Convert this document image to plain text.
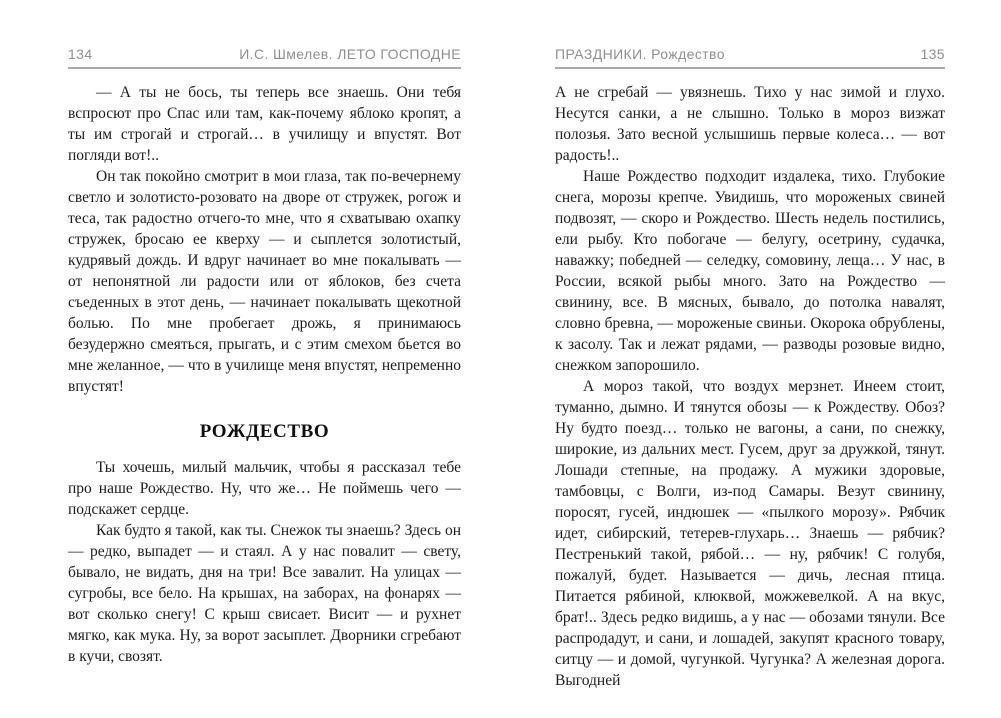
134	И.С. Шмелев. ЛЕТО ГОСПОДНЕ

— А ты не бось, ты теперь все знаешь. Они тебя вспросют про Спас или там, как-почему яблоко кропят, а ты им строгай и строгай… в училищу и впустят. Вот погляди вот!..

Он так покойно смотрит в мои глаза, так по-вечернему светло и золотисто-розовато на дворе от стружек, рогож и теса, так радостно отчего-то мне, что я схватываю охапку стружек, бросаю ее кверху — и сыплется золотистый, кудрявый дождь. И вдруг начинает во мне покалывать — от непонятной ли радости или от яблоков, без счета съеденных в этот день, — начинает покалывать щекотной болью. По мне пробегает дрожь, я принимаюсь безудержно смеяться, прыгать, и с этим смехом бьется во мне желанное, — что в училище меня впустят, непременно впустят!

РОЖДЕСТВО

Ты хочешь, милый мальчик, чтобы я рассказал тебе про наше Рождество. Ну, что же… Не поймешь чего — подскажет сердце.

Как будто я такой, как ты. Снежок ты знаешь? Здесь он — редко, выпадет — и стаял. А у нас повалит — свету, бывало, не видать, дня на три! Все завалит. На улицах — сугробы, все бело. На крышах, на заборах, на фонарях — вот сколько снегу! С крыш свисает. Висит — и рухнет мягко, как мука. Ну, за ворот засыплет. Дворники сгребают в кучи, свозят.

ПРАЗДНИКИ. Рождество	135

А не сгребай — увязнешь. Тихо у нас зимой и глухо. Несутся санки, а не слышно. Только в мороз визжат полозья. Зато весной услышишь первые колеса… — вот радость!..

Наше Рождество подходит издалека, тихо. Глубокие снега, морозы крепче. Увидишь, что мороженых свиней подвозят, — скоро и Рождество. Шесть недель постились, ели рыбу. Кто побогаче — белугу, осетрину, судачка, наважку; победней — селедку, сомовину, леща… У нас, в России, всякой рыбы много. Зато на Рождество — свинину, все. В мясных, бывало, до потолка навалят, словно бревна, — мороженые свиньи. Окорока обрублены, к засолу. Так и лежат рядами, — разводы розовые видно, снежком запорошило.

А мороз такой, что воздух мерзнет. Инеем стоит, туманно, дымно. И тянутся обозы — к Рождеству. Обоз? Ну будто поезд… только не вагоны, а сани, по снежку, широкие, из дальних мест. Гусем, друг за дружкой, тянут. Лошади степные, на продажу. А мужики здоровые, тамбовцы, с Волги, из-под Самары. Везут свинину, поросят, гусей, индюшек — «пылкого морозу». Рябчик идет, сибирский, тетерев-глухарь… Знаешь — рябчик? Пестренький такой, рябой… — ну, рябчик! С голубя, пожалуй, будет. Называется — дичь, лесная птица. Питается рябиной, клюквой, можжевелкой. А на вкус, брат!.. Здесь редко видишь, а у нас — обозами тянули. Все распродадут, и сани, и лошадей, закупят красного товару, ситцу — и домой, чугункой. Чугунка? А железная дорога. Выгодней
